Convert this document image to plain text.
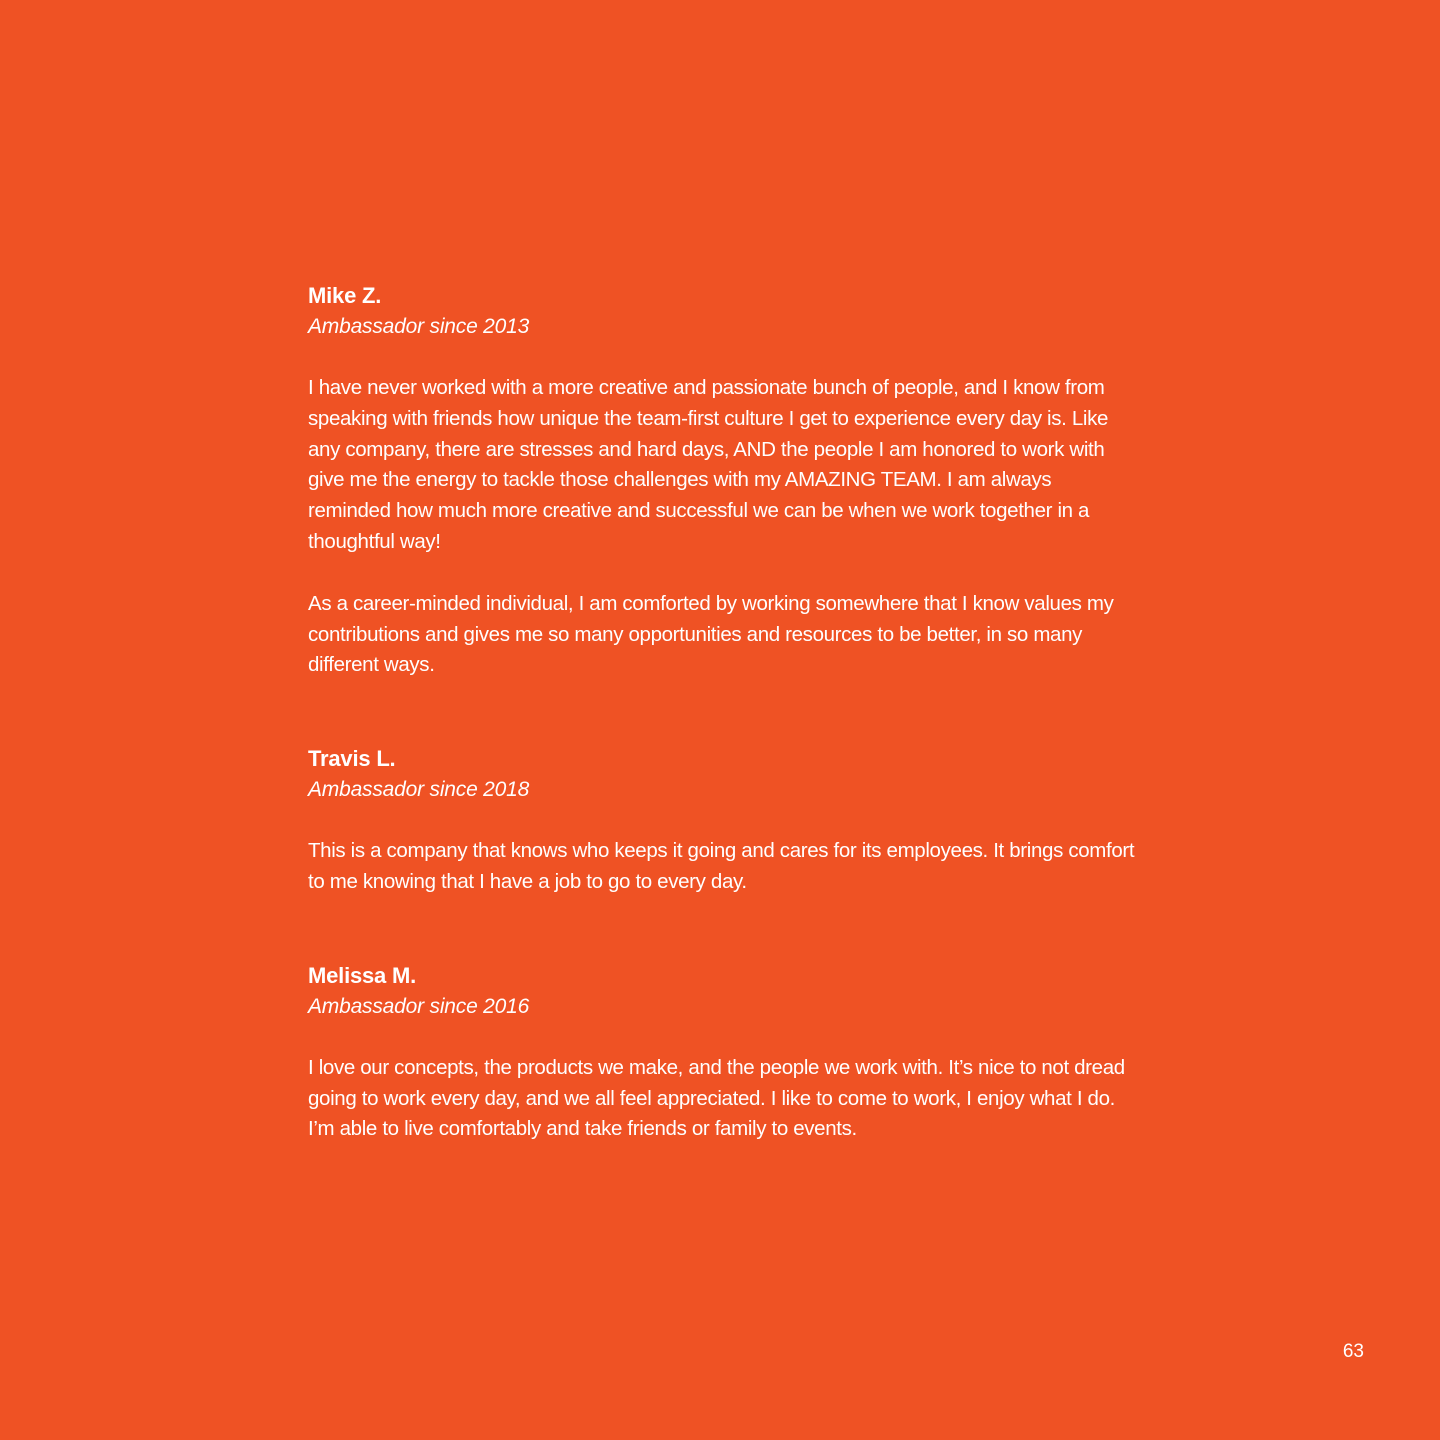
Mike Z.

Ambassador since 2013

I have never worked with a more creative and passionate bunch of people, and I know from speaking with friends how unique the team-first culture I get to experience every day is. Like any company, there are stresses and hard days, AND the people I am honored to work with give me the energy to tackle those challenges with my AMAZING TEAM. I am always reminded how much more creative and successful we can be when we work together in a thoughtful way!

As a career-minded individual, I am comforted by working somewhere that I know values my contributions and gives me so many opportunities and resources to be better, in so many different ways.

Travis L.

Ambassador since 2018

This is a company that knows who keeps it going and cares for its employees. It brings comfort to me knowing that I have a job to go to every day.

Melissa M.

Ambassador since 2016

I love our concepts, the products we make, and the people we work with. It’s nice to not dread going to work every day, and we all feel appreciated. I like to come to work, I enjoy what I do. I’m able to live comfortably and take friends or family to events.

63
